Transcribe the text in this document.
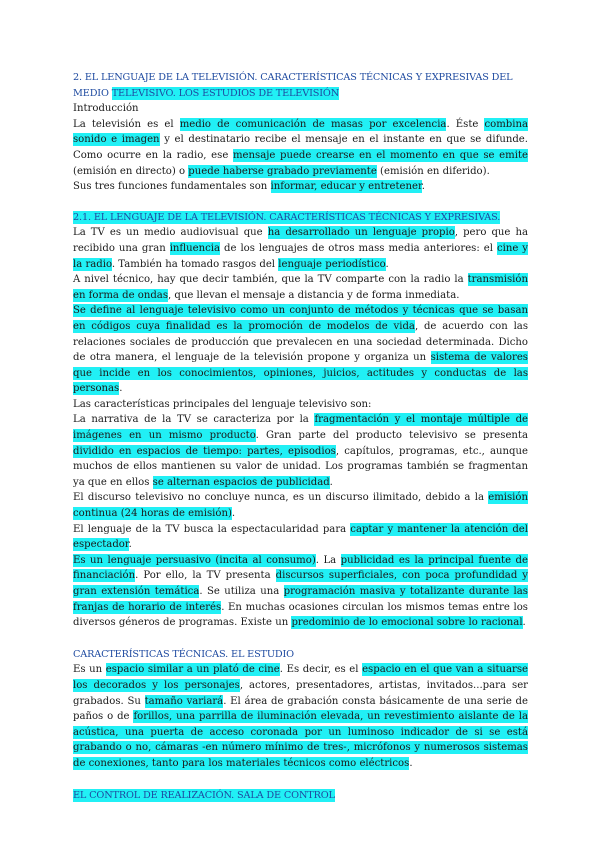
2. EL LENGUAJE DE LA TELEVISIÓN. CARACTERÍSTICAS TÉCNICAS Y EXPRESIVAS DEL MEDIO TELEVISIVO. LOS ESTUDIOS DE TELEVISIÓN

Introducción

La televisión es el medio de comunicación de masas por excelencia. Éste combina sonido e imagen y el destinatario recibe el mensaje en el instante en que se difunde. Como ocurre en la radio, ese mensaje puede crearse en el momento en que se emite (emisión en directo) o puede haberse grabado previamente (emisión en diferido).

Sus tres funciones fundamentales son informar, educar y entretener.

2.1. EL LENGUAJE DE LA TELEVISIÓN. CARACTERÍSTICAS TÉCNICAS Y EXPRESIVAS.

La TV es un medio audiovisual que ha desarrollado un lenguaje propio, pero que ha recibido una gran influencia de los lenguajes de otros mass media anteriores: el cine y la radio. También ha tomado rasgos del lenguaje periodístico.

A nivel técnico, hay que decir también, que la TV comparte con la radio la transmisión en forma de ondas, que llevan el mensaje a distancia y de forma inmediata.

Se define al lenguaje televisivo como un conjunto de métodos y técnicas que se basan en códigos cuya finalidad es la promoción de modelos de vida, de acuerdo con las relaciones sociales de producción que prevalecen en una sociedad determinada. Dicho de otra manera, el lenguaje de la televisión propone y organiza un sistema de valores que incide en los conocimientos, opiniones, juicios, actitudes y conductas de las personas.

Las características principales del lenguaje televisivo son:

La narrativa de la TV se caracteriza por la fragmentación y el montaje múltiple de imágenes en un mismo producto. Gran parte del producto televisivo se presenta dividido en espacios de tiempo: partes, episodios, capítulos, programas, etc., aunque muchos de ellos mantienen su valor de unidad. Los programas también se fragmentan ya que en ellos se alternan espacios de publicidad.

El discurso televisivo no concluye nunca, es un discurso ilimitado, debido a la emisión continua (24 horas de emisión).

El lenguaje de la TV busca la espectacularidad para captar y mantener la atención del espectador.

Es un lenguaje persuasivo (incita al consumo). La publicidad es la principal fuente de financiación. Por ello, la TV presenta discursos superficiales, con poca profundidad y gran extensión temática. Se utiliza una programación masiva y totalizante durante las franjas de horario de interés. En muchas ocasiones circulan los mismos temas entre los diversos géneros de programas. Existe un predominio de lo emocional sobre lo racional.

CARACTERÍSTICAS TÉCNICAS. EL ESTUDIO

Es un espacio similar a un plató de cine. Es decir, es el espacio en el que van a situarse los decorados y los personajes, actores, presentadores, artistas, invitados...para ser grabados. Su tamaño variará. El área de grabación consta básicamente de una serie de paños o de forillos, una parrilla de iluminación elevada, un revestimiento aislante de la acústica, una puerta de acceso coronada por un luminoso indicador de si se está grabando o no, cámaras -en número mínimo de tres-, micrófonos y numerosos sistemas de conexiones, tanto para los materiales técnicos como eléctricos.

EL CONTROL DE REALIZACIÓN. SALA DE CONTROL
